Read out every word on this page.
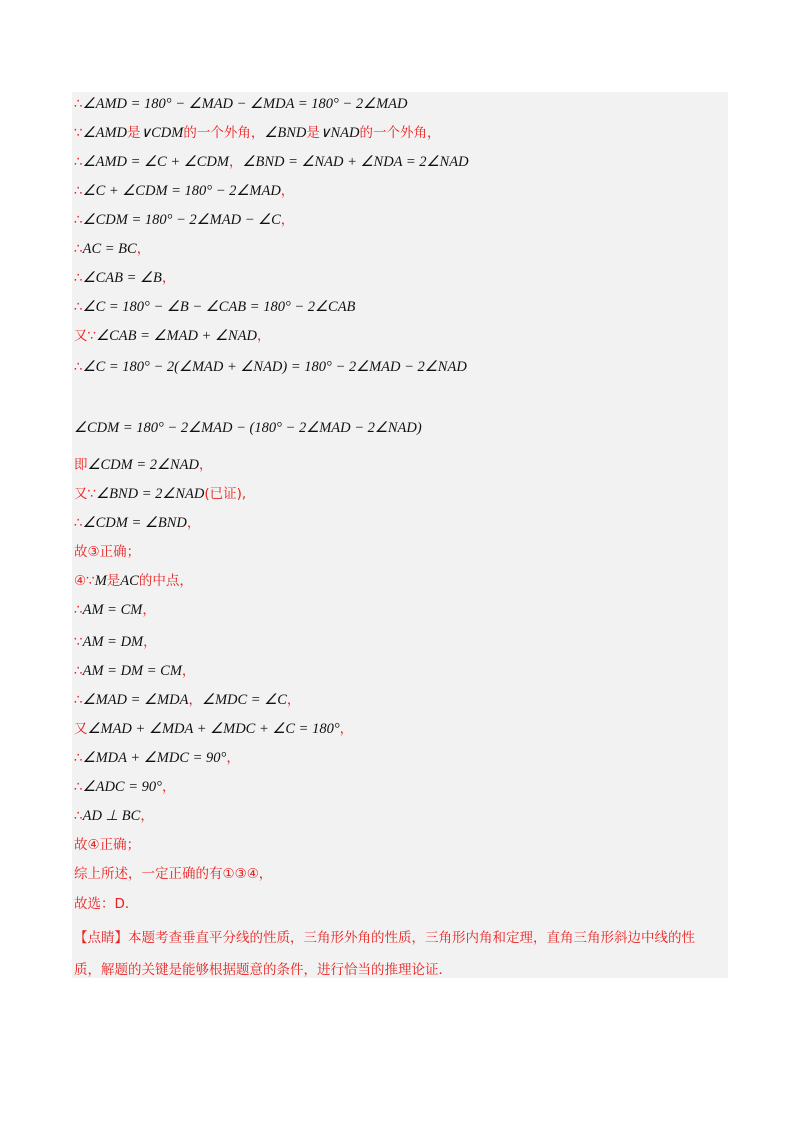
∴∠AMD = 180° − ∠MAD − ∠MDA = 180° − 2∠MAD
∵∠AMD是∨CDM的一个外角，∠BND是∨NAD的一个外角，
∴∠AMD = ∠C + ∠CDM，∠BND = ∠NAD + ∠NDA = 2∠NAD
∴∠C + ∠CDM = 180° − 2∠MAD，
∴∠CDM = 180° − 2∠MAD − ∠C，
∴AC = BC，
∴∠CAB = ∠B，
∴∠C = 180° − ∠B − ∠CAB = 180° − 2∠CAB
又∵∠CAB = ∠MAD + ∠NAD，
∴∠C = 180° − 2(∠MAD + ∠NAD) = 180° − 2∠MAD − 2∠NAD
∠CDM = 180° − 2∠MAD − (180° − 2∠MAD − 2∠NAD)
即∠CDM = 2∠NAD，
又∵∠BND = 2∠NAD(已证),
∴∠CDM = ∠BND，
故③正确；
④∵M是AC的中点，
∴AM = CM，
∵AM = DM，
∴AM = DM = CM，
∴∠MAD = ∠MDA，∠MDC = ∠C，
又∠MAD + ∠MDA + ∠MDC + ∠C = 180°，
∴∠MDA + ∠MDC = 90°，
∴∠ADC = 90°，
∴AD ⊥ BC，
故④正确；
综上所述，一定正确的有①③④，
故选：D．
【点睛】本题考查垂直平分线的性质，三角形外角的性质，三角形内角和定理，直角三角形斜边中线的性
质，解题的关键是能够根据题意的条件，进行恰当的推理论证．
